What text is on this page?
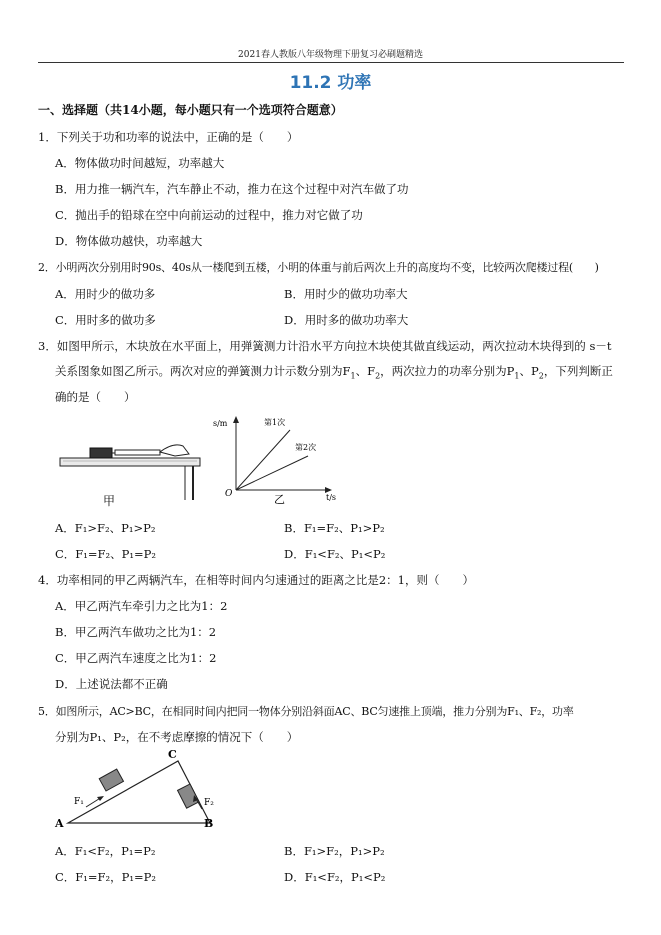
2021春人教版八年级物理下册复习必刷题精选
11.2 功率
一、选择题（共14小题，每小题只有一个选项符合题意）
1．下列关于功和功率的说法中，正确的是（　　）
A．物体做功时间越短，功率越大
B．用力推一辆汽车，汽车静止不动，推力在这个过程中对汽车做了功
C．抛出手的铅球在空中向前运动的过程中，推力对它做了功
D．物体做功越快，功率越大
2．小明两次分别用时90s、40s从一楼爬到五楼，小明的体重与前后两次上升的高度均不变，比较两次爬楼过程(　　)
A．用时少的做功多	B．用时少的做功功率大
C．用时多的做功多	D．用时多的做功功率大
3．如图甲所示，木块放在水平面上，用弹簧测力计沿水平方向拉木块使其做直线运动，两次拉动木块得到的 s－t
关系图象如图乙所示。两次对应的弹簧测力计示数分别为$F_1$、$F_2$，两次拉力的功率分别为$P_1$、$P_2$，下列判断正
确的是（　　）
甲
s/m	第1次
第2次
O	t/s
乙
A．F₁>F₂、P₁>P₂	B．F₁=F₂、P₁>P₂
C．F₁=F₂、P₁=P₂	D．F₁<F₂、P₁<P₂
4．功率相同的甲乙两辆汽车，在相等时间内匀速通过的距离之比是2：1，则（　　）
A．甲乙两汽车牵引力之比为1：2
B．甲乙两汽车做功之比为1：2
C．甲乙两汽车速度之比为1：2
D．上述说法都不正确
5．如图所示，AC>BC，在相同时间内把同一物体分别沿斜面AC、BC匀速推上顶端，推力分别为F₁、F₂，功率
分别为P₁、P₂，在不考虑摩擦的情况下（　　）
A	B
C
F₁	F₂
A．F₁<F₂，P₁=P₂	B．F₁>F₂，P₁>P₂
C．F₁=F₂，P₁=P₂	D．F₁<F₂，P₁<P₂
